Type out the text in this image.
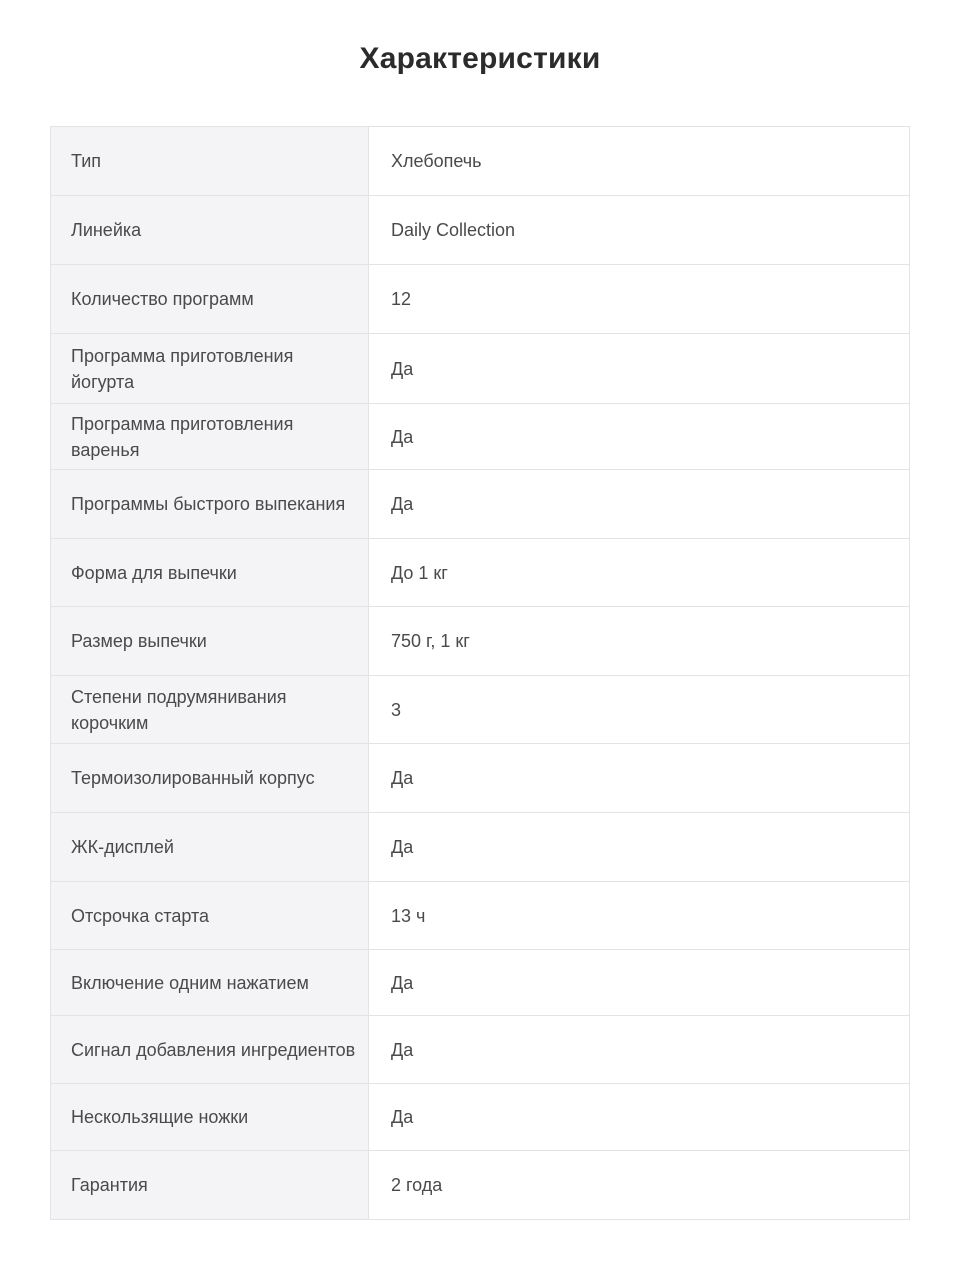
Характеристики
Тип	Хлебопечь
Линейка	Daily Collection
Количество программ	12
Программа приготовления йогурта	Да
Программа приготовления варенья	Да
Программы быстрого выпекания	Да
Форма для выпечки	До 1 кг
Размер выпечки	750 г, 1 кг
Степени подрумянивания корочким	3
Термоизолированный корпус	Да
ЖК-дисплей	Да
Отсрочка старта	13 ч
Включение одним нажатием	Да
Сигнал добавления ингредиентов	Да
Нескользящие ножки	Да
Гарантия	2 года
